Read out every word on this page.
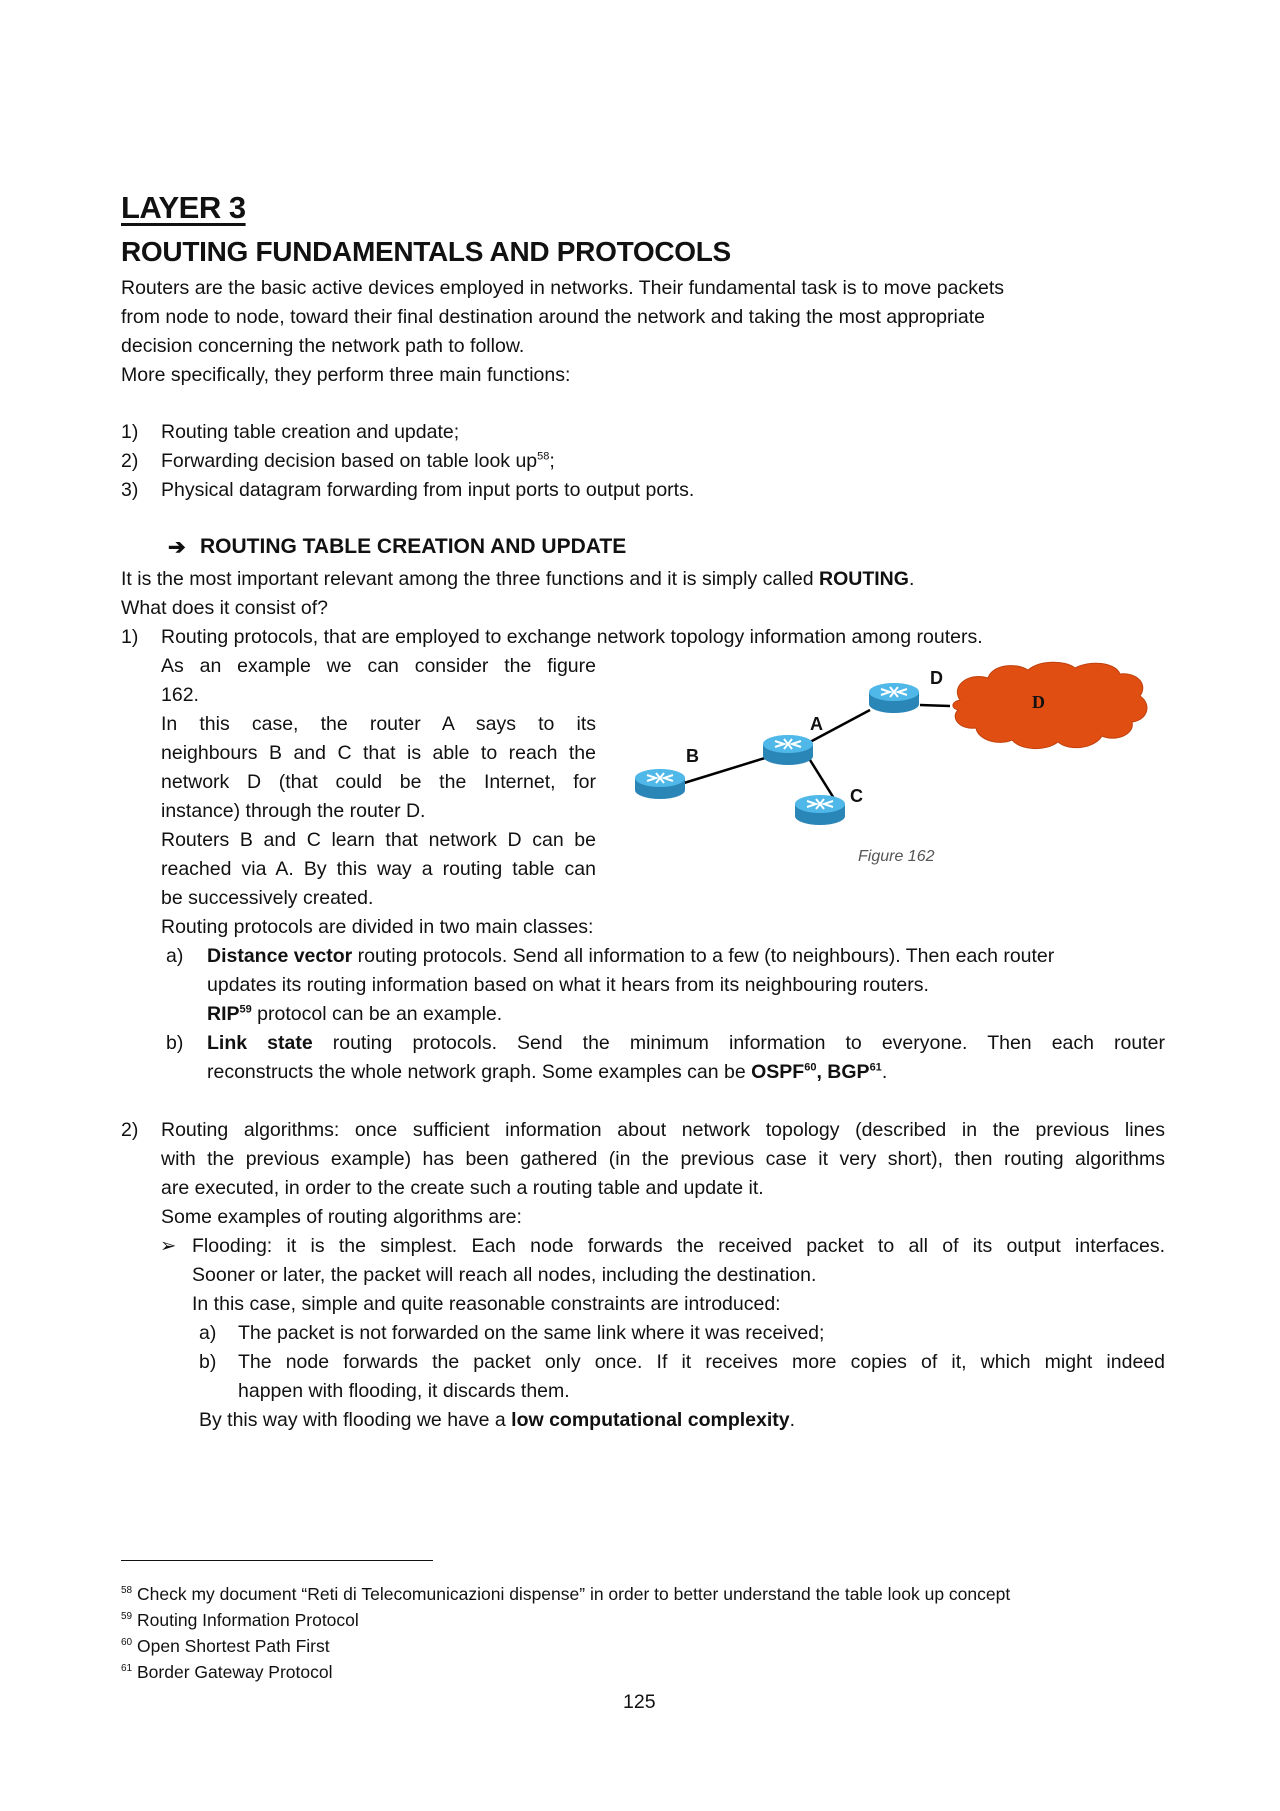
LAYER 3
ROUTING FUNDAMENTALS AND PROTOCOLS
Routers are the basic active devices employed in networks. Their fundamental task is to move packets
from node to node, toward their final destination around the network and taking the most appropriate
decision concerning the network path to follow.
More specifically, they perform three main functions:
1) Routing table creation and update;
2) Forwarding decision based on table look $up^{58}$;
3) Physical datagram forwarding from input ports to output ports.
➔ ROUTING TABLE CREATION AND UPDATE
It is the most important relevant among the three functions and it is simply called ROUTING.
What does it consist of?
1) Routing protocols, that are employed to exchange network topology information among routers.
As an example we can consider the figure
162.
In this case, the router A says to its
neighbours B and C that is able to reach the
network D (that could be the Internet, for
instance) through the router D.
Routers B and C learn that network D can be
reached via A. By this way a routing table can
be successively created.
Routing protocols are divided in two main classes:
a) Distance vector routing protocols. Send all information to a few (to neighbours). Then each router
updates its routing information based on what it hears from its neighbouring routers.
RIP$^{59}$ protocol can be an example.
b) Link state routing protocols. Send the minimum information to everyone. Then each router
reconstructs the whole network graph. Some examples can be OSPF$^{60}$, BGP$^{61}$.
2) Routing algorithms: once sufficient information about network topology (described in the previous lines
with the previous example) has been gathered (in the previous case it very short), then routing algorithms
are executed, in order to the create such a routing table and update it.
Some examples of routing algorithms are:
➢ Flooding: it is the simplest. Each node forwards the received packet to all of its output interfaces.
Sooner or later, the packet will reach all nodes, including the destination.
In this case, simple and quite reasonable constraints are introduced:
a) The packet is not forwarded on the same link where it was received;
b) The node forwards the packet only once. If it receives more copies of it, which might indeed
happen with flooding, it discards them.
By this way with flooding we have a low computational complexity.
B
A
C
D
D
Figure 162
$^{58}$ Check my document “Reti di Telecomunicazioni dispense” in order to better understand the table look up concept
$^{59}$ Routing Information Protocol
$^{60}$ Open Shortest Path First
$^{61}$ Border Gateway Protocol
125
